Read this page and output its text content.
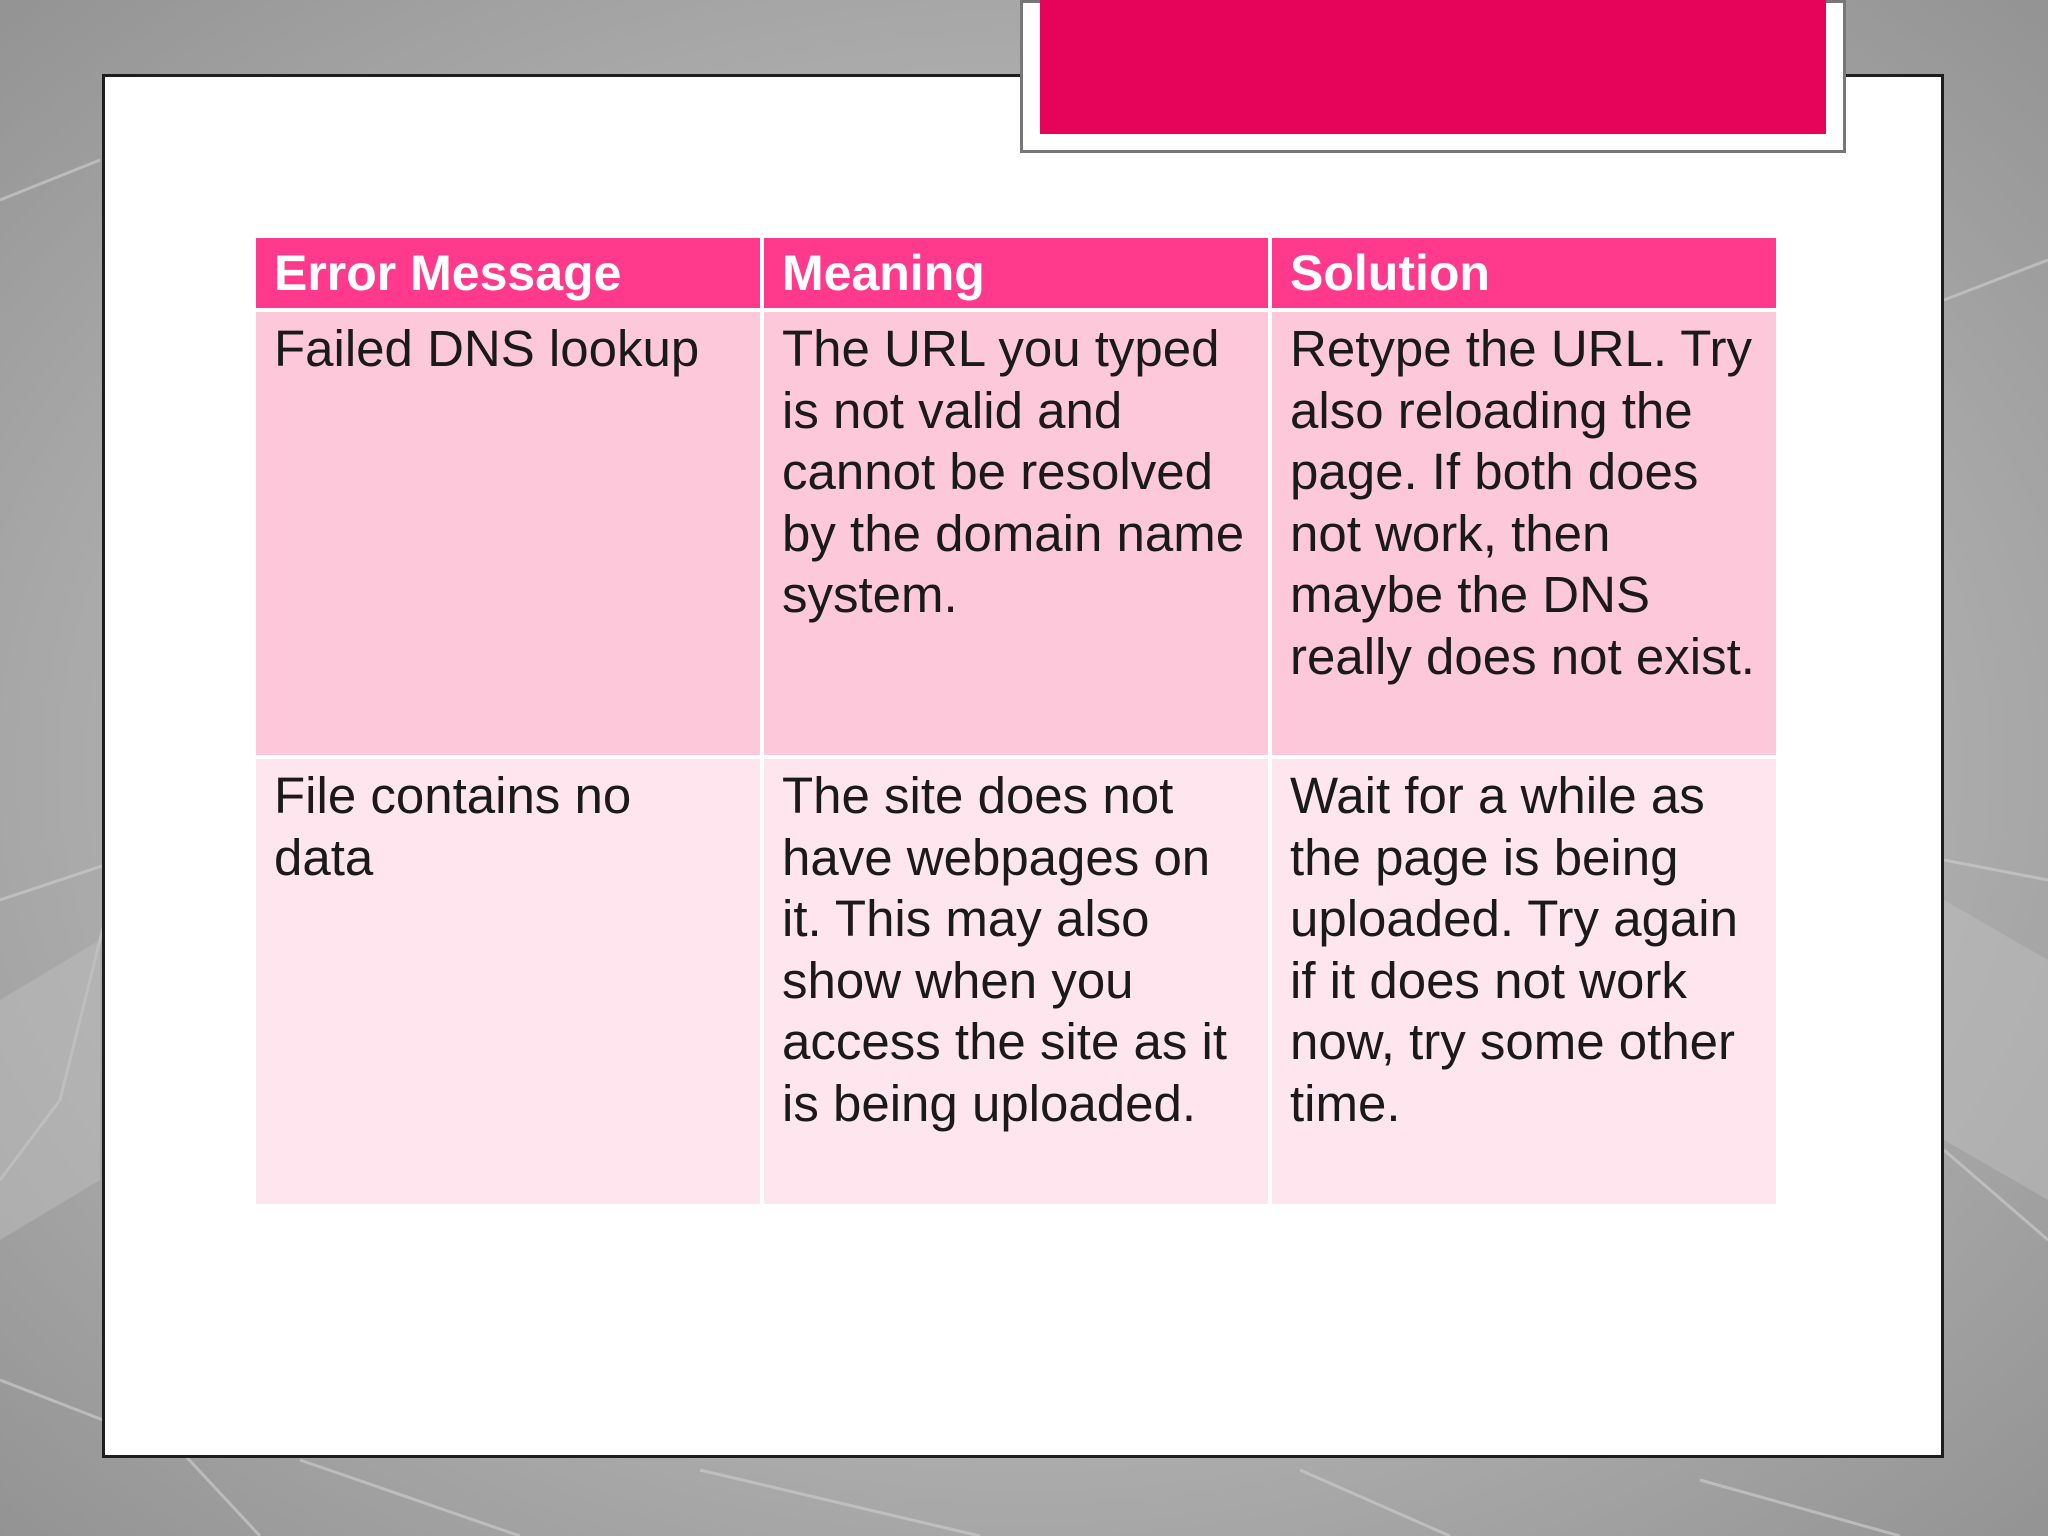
Error Message	Meaning	Solution
Failed DNS lookup	The URL you typed is not valid and cannot be resolved by the domain name system.	Retype the URL. Try also reloading the page. If both does not work, then maybe the DNS really does not exist.
File contains no data	The site does not have webpages on it. This may also show when you access the site as it is being uploaded.	Wait for a while as the page is being uploaded. Try again if it does not work now, try some other time.
